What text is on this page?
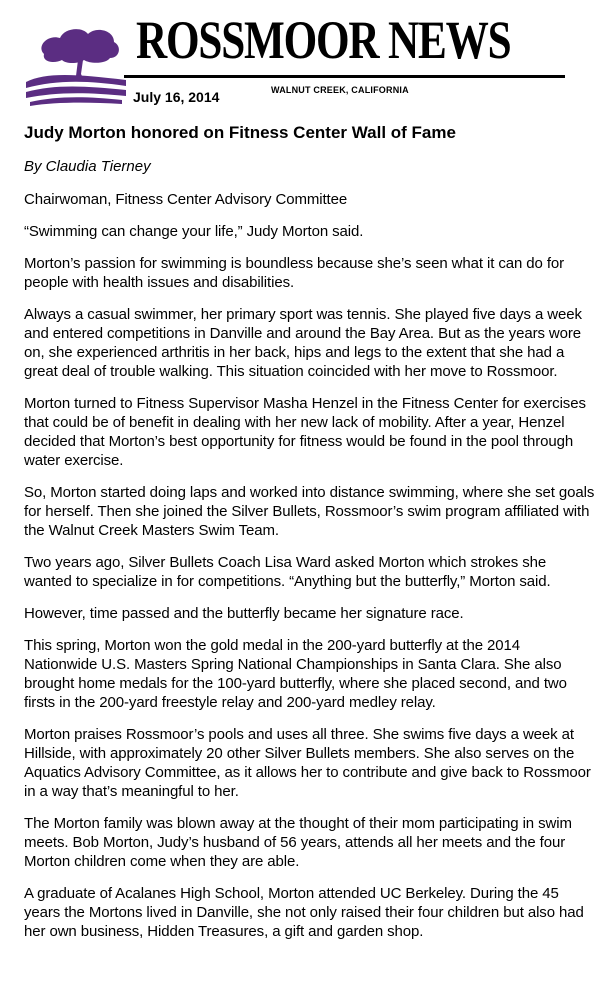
ROSSMOOR NEWS
July 16, 2014	WALNUT CREEK, CALIFORNIA
Judy Morton honored on Fitness Center Wall of Fame
By Claudia Tierney

Chairwoman, Fitness Center Advisory Committee

“Swimming can change your life,” Judy Morton said.

Morton’s passion for swimming is boundless because she’s seen what it can do for people with health issues and disabilities.

Always a casual swimmer, her primary sport was tennis. She played five days a week and entered competitions in Danville and around the Bay Area. But as the years wore on, she experienced arthritis in her back, hips and legs to the extent that she had a great deal of trouble walking. This situation coincided with her move to Rossmoor.

Morton turned to Fitness Supervisor Masha Henzel in the Fitness Center for exercises that could be of benefit in dealing with her new lack of mobility. After a year, Henzel decided that Morton’s best opportunity for fitness would be found in the pool through water exercise.

So, Morton started doing laps and worked into distance swimming, where she set goals for herself. Then she joined the Silver Bullets, Rossmoor’s swim program affiliated with the Walnut Creek Masters Swim Team.

Two years ago, Silver Bullets Coach Lisa Ward asked Morton which strokes she wanted to specialize in for competitions. “Anything but the butterfly,” Morton said.

However, time passed and the butterfly became her signature race.

This spring, Morton won the gold medal in the 200-yard butterfly at the 2014 Nationwide U.S. Masters Spring National Championships in Santa Clara. She also brought home medals for the 100-yard butterfly, where she placed second, and two firsts in the 200-yard freestyle relay and 200-yard medley relay.

Morton praises Rossmoor’s pools and uses all three. She swims five days a week at Hillside, with approximately 20 other Silver Bullets members. She also serves on the Aquatics Advisory Committee, as it allows her to contribute and give back to Rossmoor in a way that’s meaningful to her.

The Morton family was blown away at the thought of their mom participating in swim meets. Bob Morton, Judy’s husband of 56 years, attends all her meets and the four Morton children come when they are able.

A graduate of Acalanes High School, Morton attended UC Berkeley. During the 45 years the Mortons lived in Danville, she not only raised their four children but also had her own business, Hidden Treasures, a gift and garden shop.
